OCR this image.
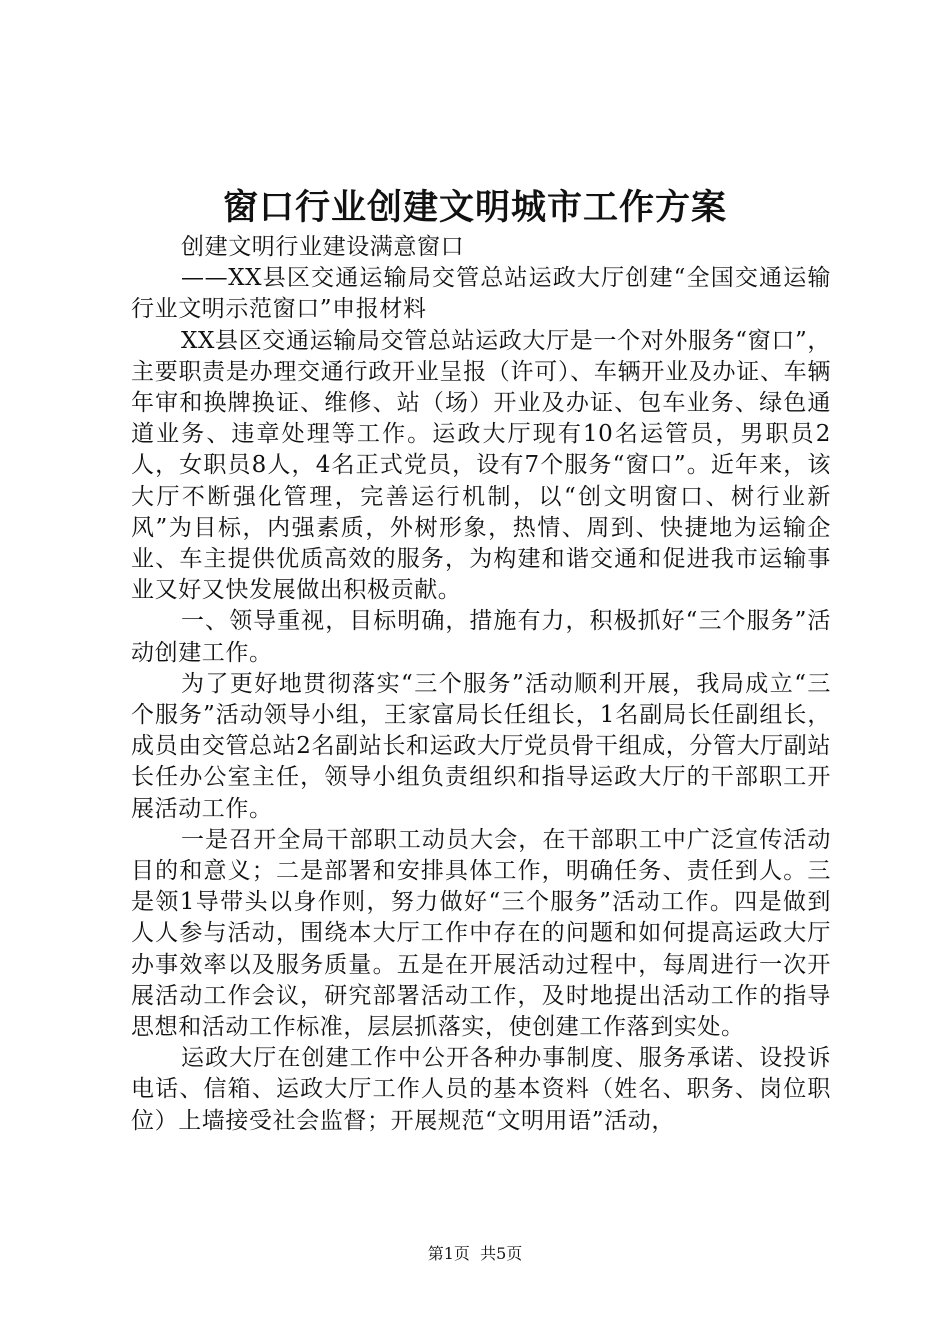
窗口行业创建文明城市工作方案

创建文明行业建设满意窗口

——XX县区交通运输局交管总站运政大厅创建“全国交通运输行业文明示范窗口”申报材料

XX县区交通运输局交管总站运政大厅是一个对外服务“窗口”，主要职责是办理交通行政开业呈报（许可）、车辆开业及办证、车辆年审和换牌换证、维修、站（场）开业及办证、包车业务、绿色通道业务、违章处理等工作。运政大厅现有10名运管员，男职员2人，女职员8人，4名正式党员，设有7个服务“窗口”。近年来，该大厅不断强化管理，完善运行机制，以“创文明窗口、树行业新风”为目标，内强素质，外树形象，热情、周到、快捷地为运输企业、车主提供优质高效的服务，为构建和谐交通和促进我市运输事业又好又快发展做出积极贡献。

一、领导重视，目标明确，措施有力，积极抓好“三个服务”活动创建工作。

为了更好地贯彻落实“三个服务”活动顺利开展，我局成立“三个服务”活动领导小组，王家富局长任组长，1名副局长任副组长，成员由交管总站2名副站长和运政大厅党员骨干组成，分管大厅副站长任办公室主任，领导小组负责组织和指导运政大厅的干部职工开展活动工作。

一是召开全局干部职工动员大会，在干部职工中广泛宣传活动目的和意义；二是部署和安排具体工作，明确任务、责任到人。三是领1导带头以身作则，努力做好“三个服务”活动工作。四是做到人人参与活动，围绕本大厅工作中存在的问题和如何提高运政大厅办事效率以及服务质量。五是在开展活动过程中，每周进行一次开展活动工作会议，研究部署活动工作，及时地提出活动工作的指导思想和活动工作标准，层层抓落实，使创建工作落到实处。

运政大厅在创建工作中公开各种办事制度、服务承诺、设投诉电话、信箱、运政大厅工作人员的基本资料（姓名、职务、岗位职位）上墙接受社会监督；开展规范“文明用语”活动，

第1页  共5页
